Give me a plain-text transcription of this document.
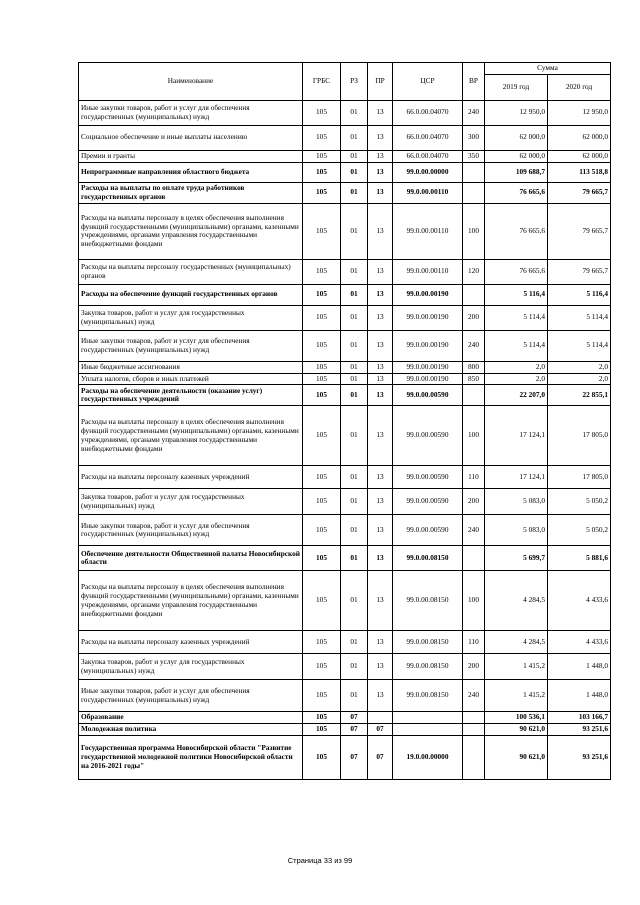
Наименование	ГРБС	РЗ	ПР	ЦСР	ВР	Сумма	
						2019 год	2020 год
Иные закупки товаров, работ и услуг для обеспечения государственных (муниципальных) нужд	105	01	13	66.0.00.04070	240	12 950,0	12 950,0
Социальное обеспечение и иные выплаты населению	105	01	13	66.0.00.04070	300	62 000,0	62 000,0
Премии и гранты	105	01	13	66.0.00.04070	350	62 000,0	62 000,0
Непрограммные направления областного бюджета	105	01	13	99.0.00.00000		109 688,7	113 518,8
Расходы на выплаты по оплате труда работников государственных органов	105	01	13	99.0.00.00110		76 665,6	79 665,7
Расходы на выплаты персоналу в целях обеспечения выполнения функций государственными (муниципальными) органами, казенными учреждениями, органами управления государственными внебюджетными фондами	105	01	13	99.0.00.00110	100	76 665,6	79 665,7
Расходы на выплаты персоналу государственных (муниципальных) органов	105	01	13	99.0.00.00110	120	76 665,6	79 665,7
Расходы на обеспечение функций государственных органов	105	01	13	99.0.00.00190		5 116,4	5 116,4
Закупка товаров, работ и услуг для государственных (муниципальных) нужд	105	01	13	99.0.00.00190	200	5 114,4	5 114,4
Иные закупки товаров, работ и услуг для обеспечения государственных (муниципальных) нужд	105	01	13	99.0.00.00190	240	5 114,4	5 114,4
Иные бюджетные ассигнования	105	01	13	99.0.00.00190	800	2,0	2,0
Уплата налогов, сборов и иных платежей	105	01	13	99.0.00.00190	850	2,0	2,0
Расходы на обеспечение деятельности (оказание услуг) государственных учреждений	105	01	13	99.0.00.00590		22 207,0	22 855,1
Расходы на выплаты персоналу в целях обеспечения выполнения функций государственными (муниципальными) органами, казенными учреждениями, органами управления государственными внебюджетными фондами	105	01	13	99.0.00.00590	100	17 124,1	17 805,0
Расходы на выплаты персоналу казенных учреждений	105	01	13	99.0.00.00590	110	17 124,1	17 805,0
Закупка товаров, работ и услуг для государственных (муниципальных) нужд	105	01	13	99.0.00.00590	200	5 083,0	5 050,2
Иные закупки товаров, работ и услуг для обеспечения государственных (муниципальных) нужд	105	01	13	99.0.00.00590	240	5 083,0	5 050,2
Обеспечение деятельности Общественной палаты Новосибирской области	105	01	13	99.0.00.08150		5 699,7	5 881,6
Расходы на выплаты персоналу в целях обеспечения выполнения функций государственными (муниципальными) органами, казенными учреждениями, органами управления государственными внебюджетными фондами	105	01	13	99.0.00.08150	100	4 284,5	4 433,6
Расходы на выплаты персоналу казенных учреждений	105	01	13	99.0.00.08150	110	4 284,5	4 433,6
Закупка товаров, работ и услуг для государственных (муниципальных) нужд	105	01	13	99.0.00.08150	200	1 415,2	1 448,0
Иные закупки товаров, работ и услуг для обеспечения государственных (муниципальных) нужд	105	01	13	99.0.00.08150	240	1 415,2	1 448,0
Образование	105	07				100 536,1	103 166,7
Молодежная политика	105	07	07			90 621,0	93 251,6
Государственная программа Новосибирской области "Развитие государственной молодежной политики Новосибирской области на 2016-2021 годы"	105	07	07	19.0.00.00000		90 621,0	93 251,6
Страница 33 из 99
